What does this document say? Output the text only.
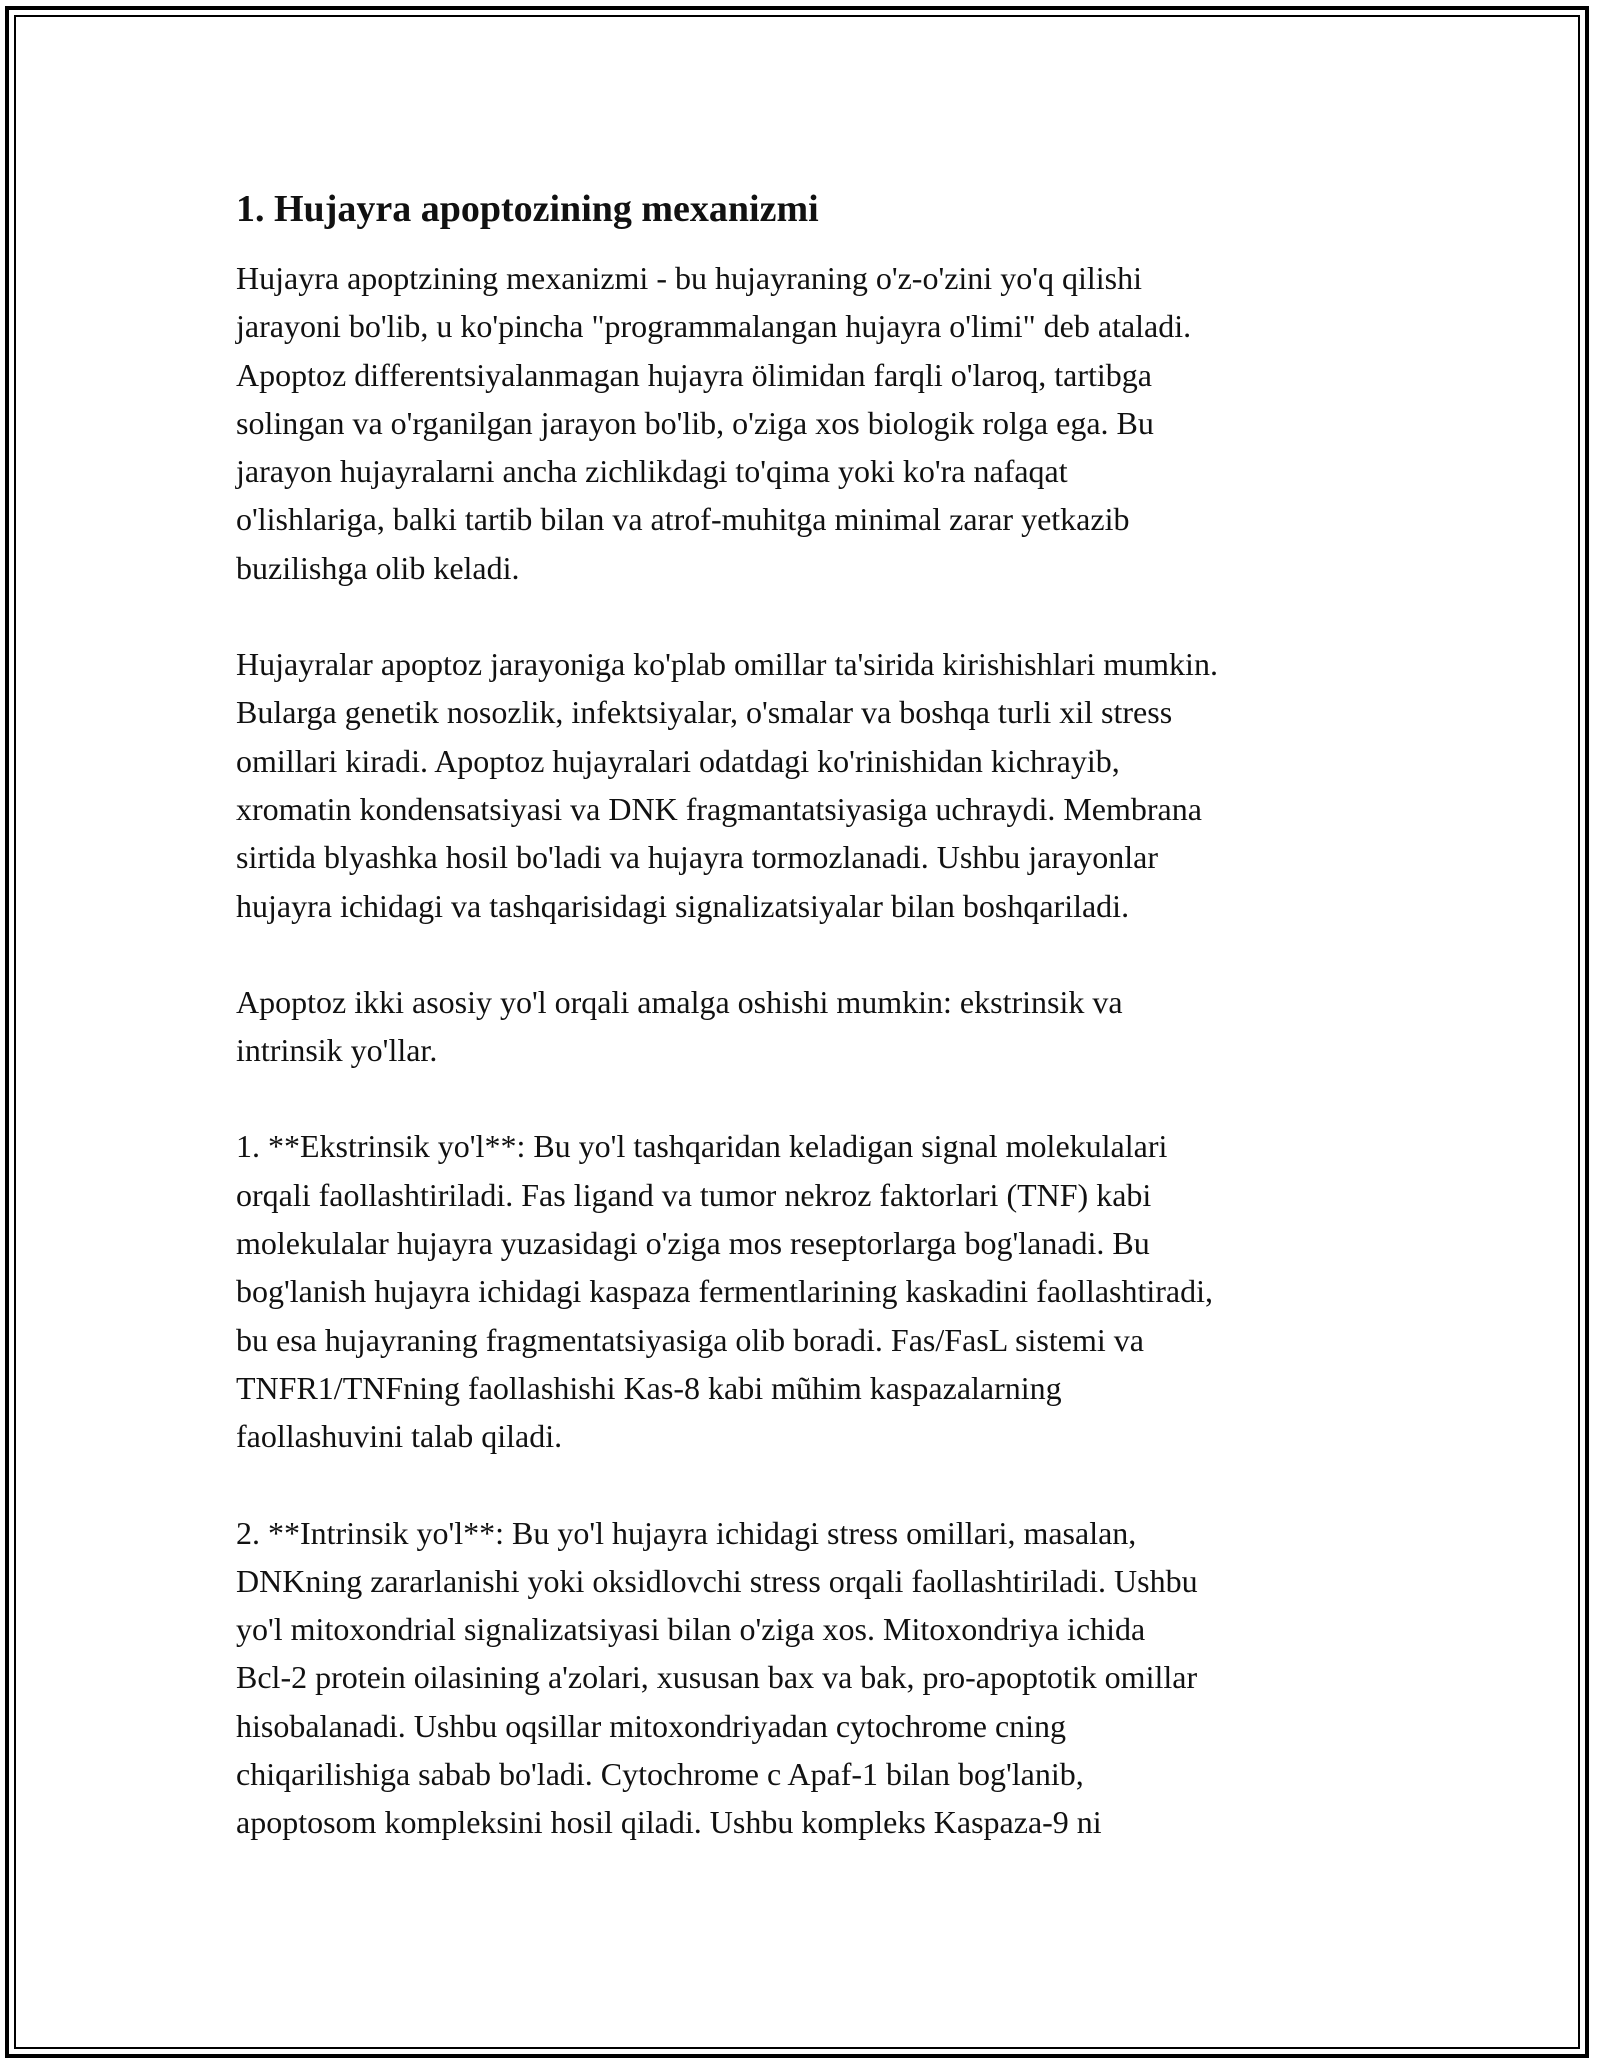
1. Hujayra apoptozining mexanizmi

Hujayra apoptzining mexanizmi - bu hujayraning o'z-o'zini yo'q qilishi
jarayoni bo'lib, u ko'pincha "programmalangan hujayra o'limi" deb ataladi.
Apoptoz differentsiyalanmagan hujayra ölimidan farqli o'laroq, tartibga
solingan va o'rganilgan jarayon bo'lib, o'ziga xos biologik rolga ega. Bu
jarayon hujayralarni ancha zichlikdagi to'qima yoki ko'ra nafaqat
o'lishlariga, balki tartib bilan va atrof-muhitga minimal zarar yetkazib
buzilishga olib keladi.

Hujayralar apoptoz jarayoniga ko'plab omillar ta'sirida kirishishlari mumkin.
Bularga genetik nosozlik, infektsiyalar, o'smalar va boshqa turli xil stress
omillari kiradi. Apoptoz hujayralari odatdagi ko'rinishidan kichrayib,
xromatin kondensatsiyasi va DNK fragmantatsiyasiga uchraydi. Membrana
sirtida blyashka hosil bo'ladi va hujayra tormozlanadi. Ushbu jarayonlar
hujayra ichidagi va tashqarisidagi signalizatsiyalar bilan boshqariladi.

Apoptoz ikki asosiy yo'l orqali amalga oshishi mumkin: ekstrinsik va
intrinsik yo'llar.

1. **Ekstrinsik yo'l**: Bu yo'l tashqaridan keladigan signal molekulalari
orqali faollashtiriladi. Fas ligand va tumor nekroz faktorlari (TNF) kabi
molekulalar hujayra yuzasidagi o'ziga mos reseptorlarga bog'lanadi. Bu
bog'lanish hujayra ichidagi kaspaza fermentlarining kaskadini faollashtiradi,
bu esa hujayraning fragmentatsiyasiga olib boradi. Fas/FasL sistemi va
TNFR1/TNFning faollashishi Kas-8 kabi mũhim kaspazalarning
faollashuvini talab qiladi.

2. **Intrinsik yo'l**: Bu yo'l hujayra ichidagi stress omillari, masalan,
DNKning zararlanishi yoki oksidlovchi stress orqali faollashtiriladi. Ushbu
yo'l mitoxondrial signalizatsiyasi bilan o'ziga xos. Mitoxondriya ichida
Bcl-2 protein oilasining a'zolari, xususan bax va bak, pro-apoptotik omillar
hisobalanadi. Ushbu oqsillar mitoxondriyadan cytochrome cning
chiqarilishiga sabab bo'ladi. Cytochrome c Apaf-1 bilan bog'lanib,
apoptosom kompleksini hosil qiladi. Ushbu kompleks Kaspaza-9 ni
